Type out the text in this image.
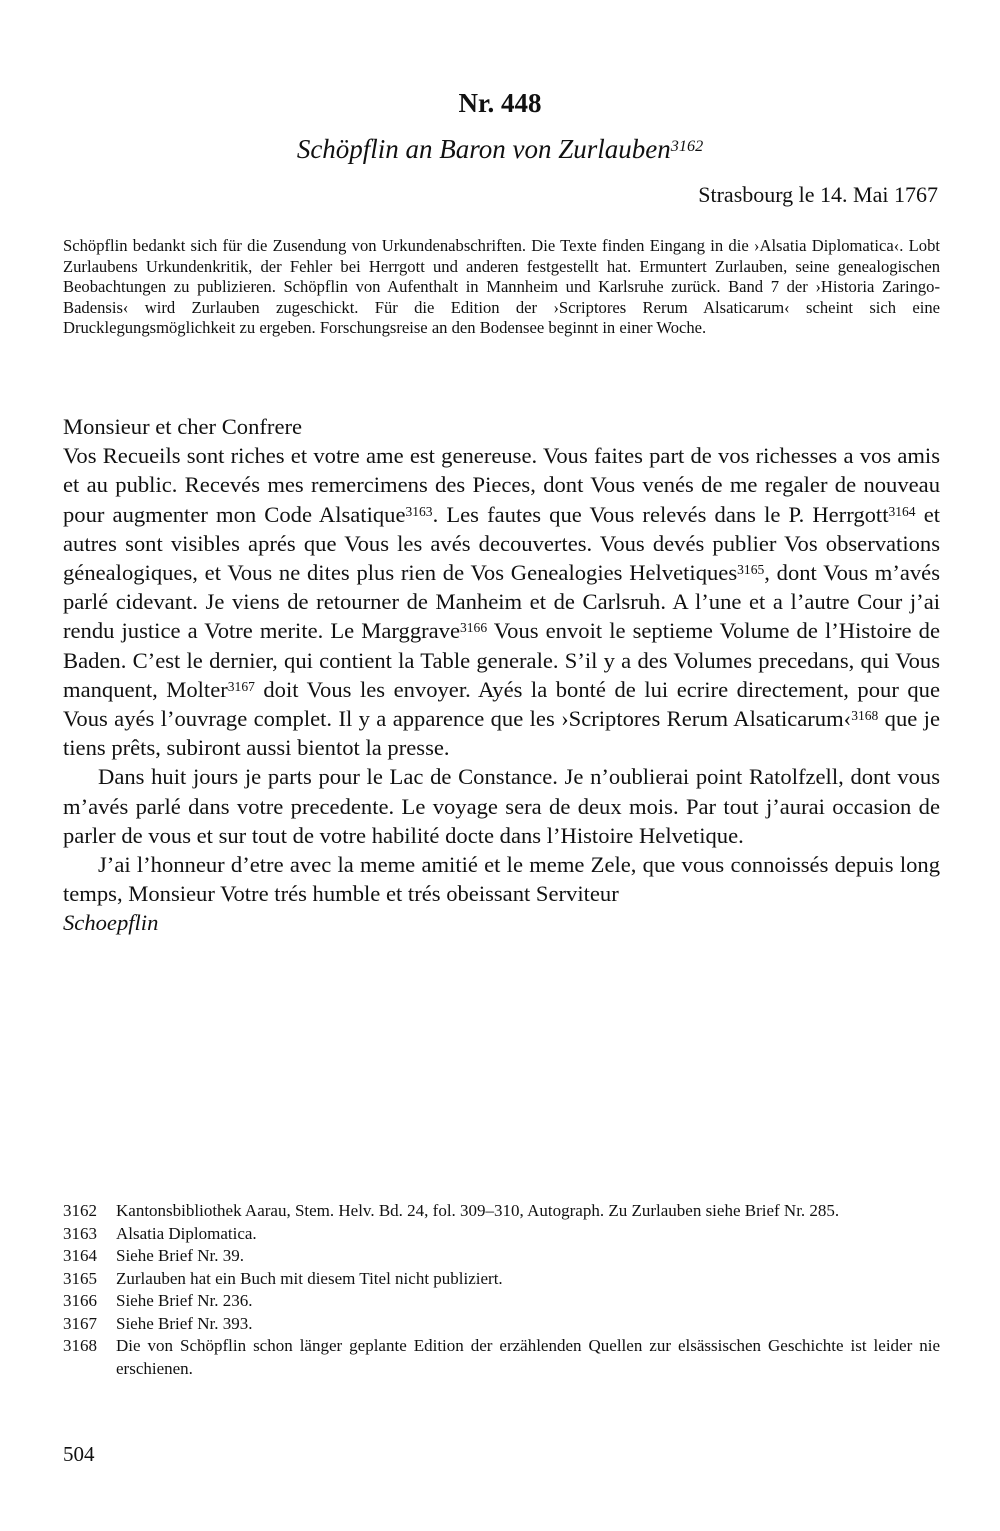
Nr. 448
Schöpflin an Baron von Zurlauben$^{3162}$
Strasbourg le 14. Mai 1767
Schöpflin bedankt sich für die Zusendung von Urkundenabschriften. Die Texte finden Eingang in die ›Alsatia Diplomatica‹. Lobt Zurlaubens Urkundenkritik, der Fehler bei Herrgott und anderen festgestellt hat. Ermuntert Zurlauben, seine genealogischen Beobachtungen zu publizieren. Schöpflin von Aufenthalt in Mannheim und Karlsruhe zurück. Band 7 der ›Historia Zaringo-Badensis‹ wird Zurlauben zugeschickt. Für die Edition der ›Scriptores Rerum Alsaticarum‹ scheint sich eine Drucklegungsmöglichkeit zu ergeben. Forschungsreise an den Bodensee beginnt in einer Woche.

Monsieur et cher Confrere

Vos Recueils sont riches et votre ame est genereuse. Vous faites part de vos richesses a vos amis et au public. Recevés mes remercimens des Pieces, dont Vous venés de me regaler de nouveau pour augmenter mon Code Alsatique$^{3163}$. Les fautes que Vous relevés dans le P. Herrgott$^{3164}$ et autres sont visibles aprés que Vous les avés decouvertes. Vous devés publier Vos observations génealogiques, et Vous ne dites plus rien de Vos Genealogies Helvetiques$^{3165}$, dont Vous m’avés parlé cidevant. Je viens de retourner de Manheim et de Carlsruh. A l’une et a l’autre Cour j’ai rendu justice a Votre merite. Le Marggrave$^{3166}$ Vous envoit le septieme Volume de l’Histoire de Baden. C’est le dernier, qui contient la Table generale. S’il y a des Volumes precedans, qui Vous manquent, Molter$^{3167}$ doit Vous les envoyer. Ayés la bonté de lui ecrire directement, pour que Vous ayés l’ouvrage complet. Il y a apparence que les ›Scriptores Rerum Alsaticarum‹$^{3168}$ que je tiens prêts, subiront aussi bientot la presse.

Dans huit jours je parts pour le Lac de Constance. Je n’oublierai point Ratolfzell, dont vous m’avés parlé dans votre precedente. Le voyage sera de deux mois. Par tout j’aurai occasion de parler de vous et sur tout de votre habilité docte dans l’Histoire Helvetique.

J’ai l’honneur d’etre avec la meme amitié et le meme Zele, que vous connoissés depuis long temps, Monsieur Votre trés humble et trés obeissant Serviteur

Schoepflin

3162	Kantonsbibliothek Aarau, Stem. Helv. Bd. 24, fol. 309–310, Autograph. Zu Zurlauben siehe Brief Nr. 285.
3163	Alsatia Diplomatica.
3164	Siehe Brief Nr. 39.
3165	Zurlauben hat ein Buch mit diesem Titel nicht publiziert.
3166	Siehe Brief Nr. 236.
3167	Siehe Brief Nr. 393.
3168	Die von Schöpflin schon länger geplante Edition der erzählenden Quellen zur elsässischen Geschichte ist leider nie erschienen.
504
